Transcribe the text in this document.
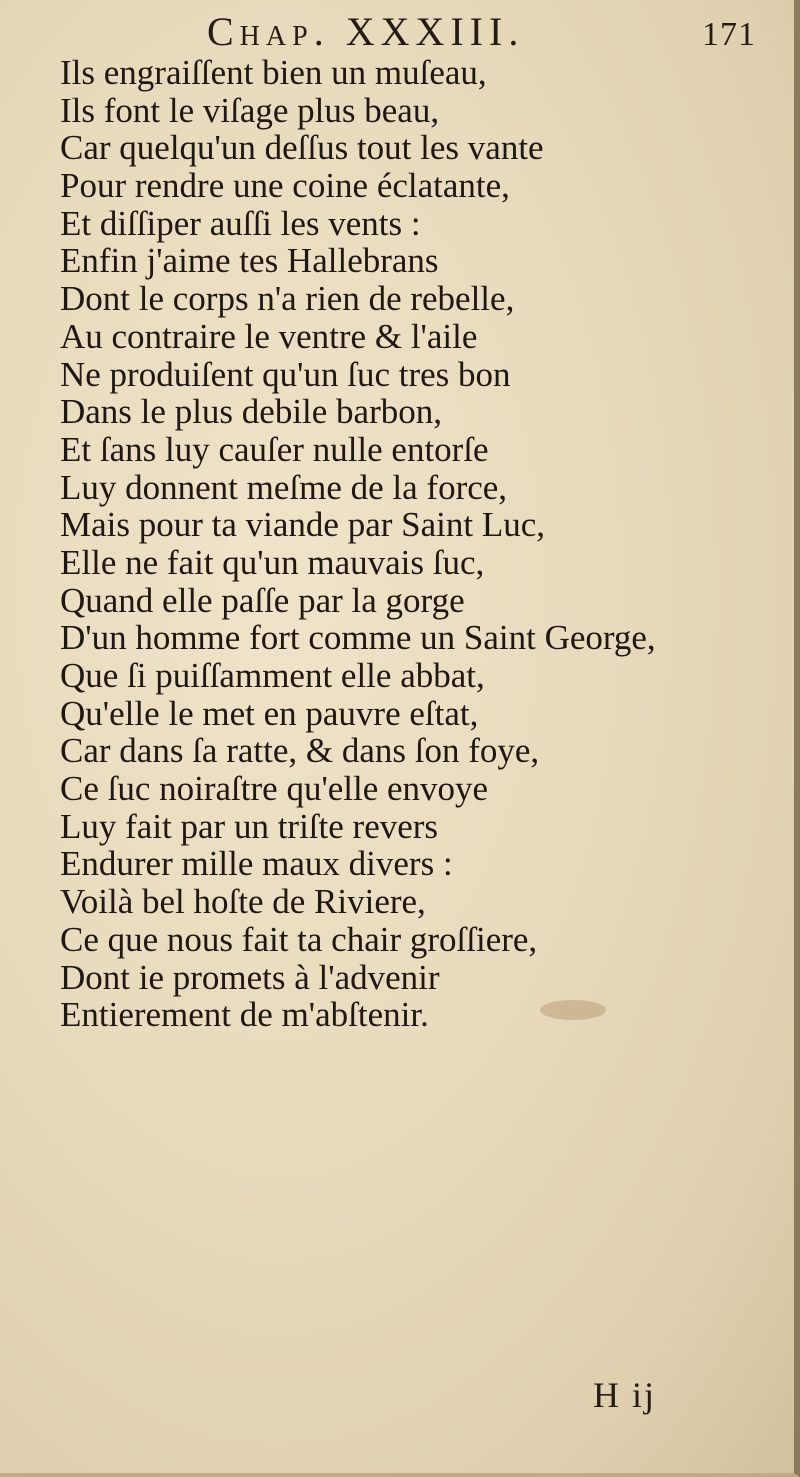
Chap. XXXIII.	171
Ils engraiſſent bien un muſeau,
Ils font le viſage plus beau,
Car quelqu'un deſſus tout les vante
Pour rendre une coine éclatante,
Et diſſiper auſſi les vents :
Enfin j'aime tes Hallebrans
Dont le corps n'a rien de rebelle,
Au contraire le ventre & l'aile
Ne produiſent qu'un ſuc tres bon
Dans le plus debile barbon,
Et ſans luy cauſer nulle entorſe
Luy donnent meſme de la force,
Mais pour ta viande par Saint Luc,
Elle ne fait qu'un mauvais ſuc,
Quand elle paſſe par la gorge
D'un homme fort comme un Saint George,
Que ſi puiſſamment elle abbat,
Qu'elle le met en pauvre eſtat,
Car dans ſa ratte, & dans ſon foye,
Ce ſuc noiraſtre qu'elle envoye
Luy fait par un triſte revers
Endurer mille maux divers :
Voilà bel hoſte de Riviere,
Ce que nous fait ta chair groſſiere,
Dont ie promets à l'advenir
Entierement de m'abſtenir.
H ij
